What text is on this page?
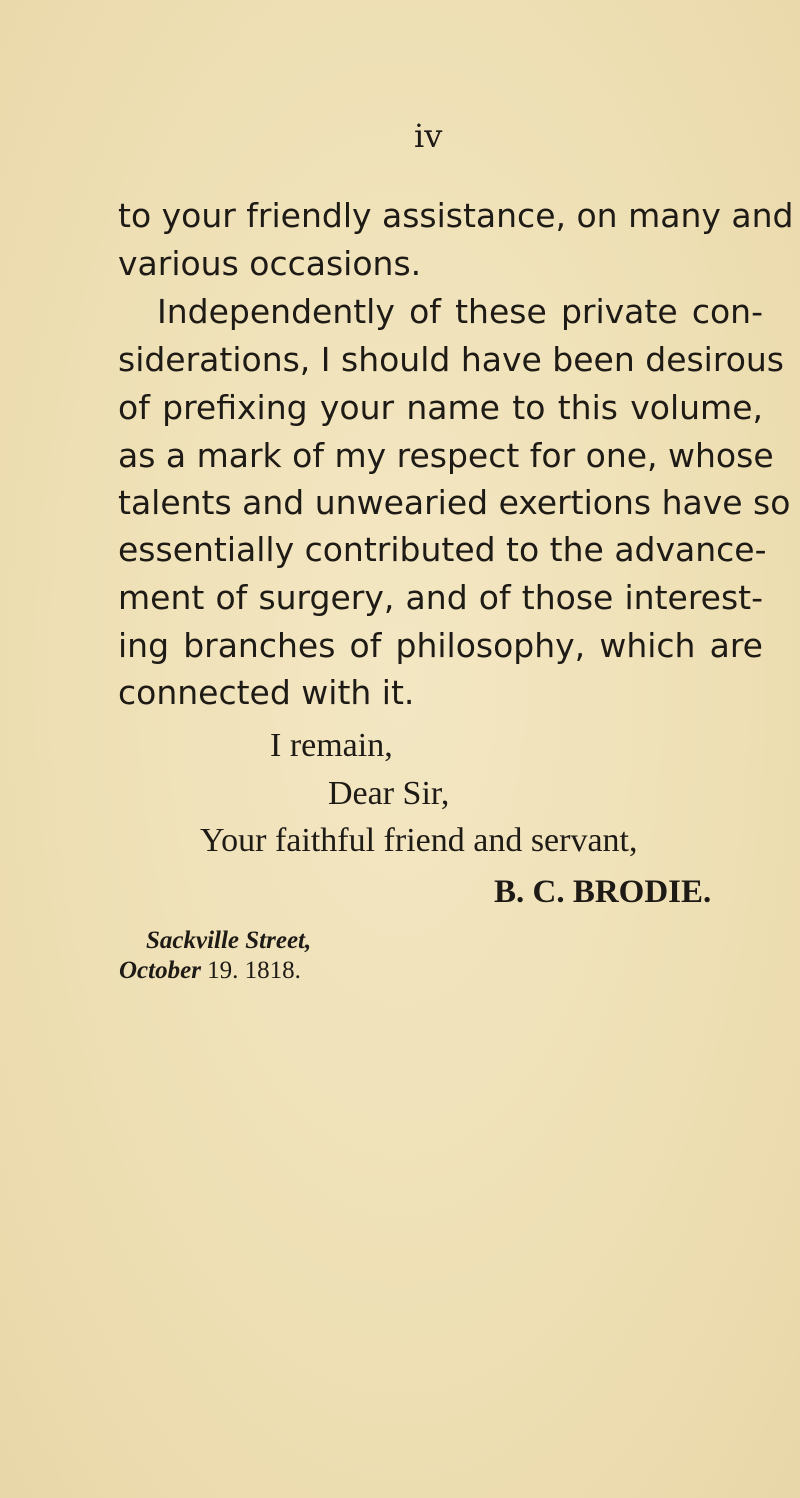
iv

to your friendly assistance, on many and
various occasions.
Independently of these private con-
siderations, I should have been desirous
of prefixing your name to this volume,
as a mark of my respect for one, whose
talents and unwearied exertions have so
essentially contributed to the advance-
ment of surgery, and of those interest-
ing branches of philosophy, which are
connected with it.

I remain,

Dear Sir,

Your faithful friend and servant,

B. C. BRODIE.

Sackville Street,

October 19. 1818.
